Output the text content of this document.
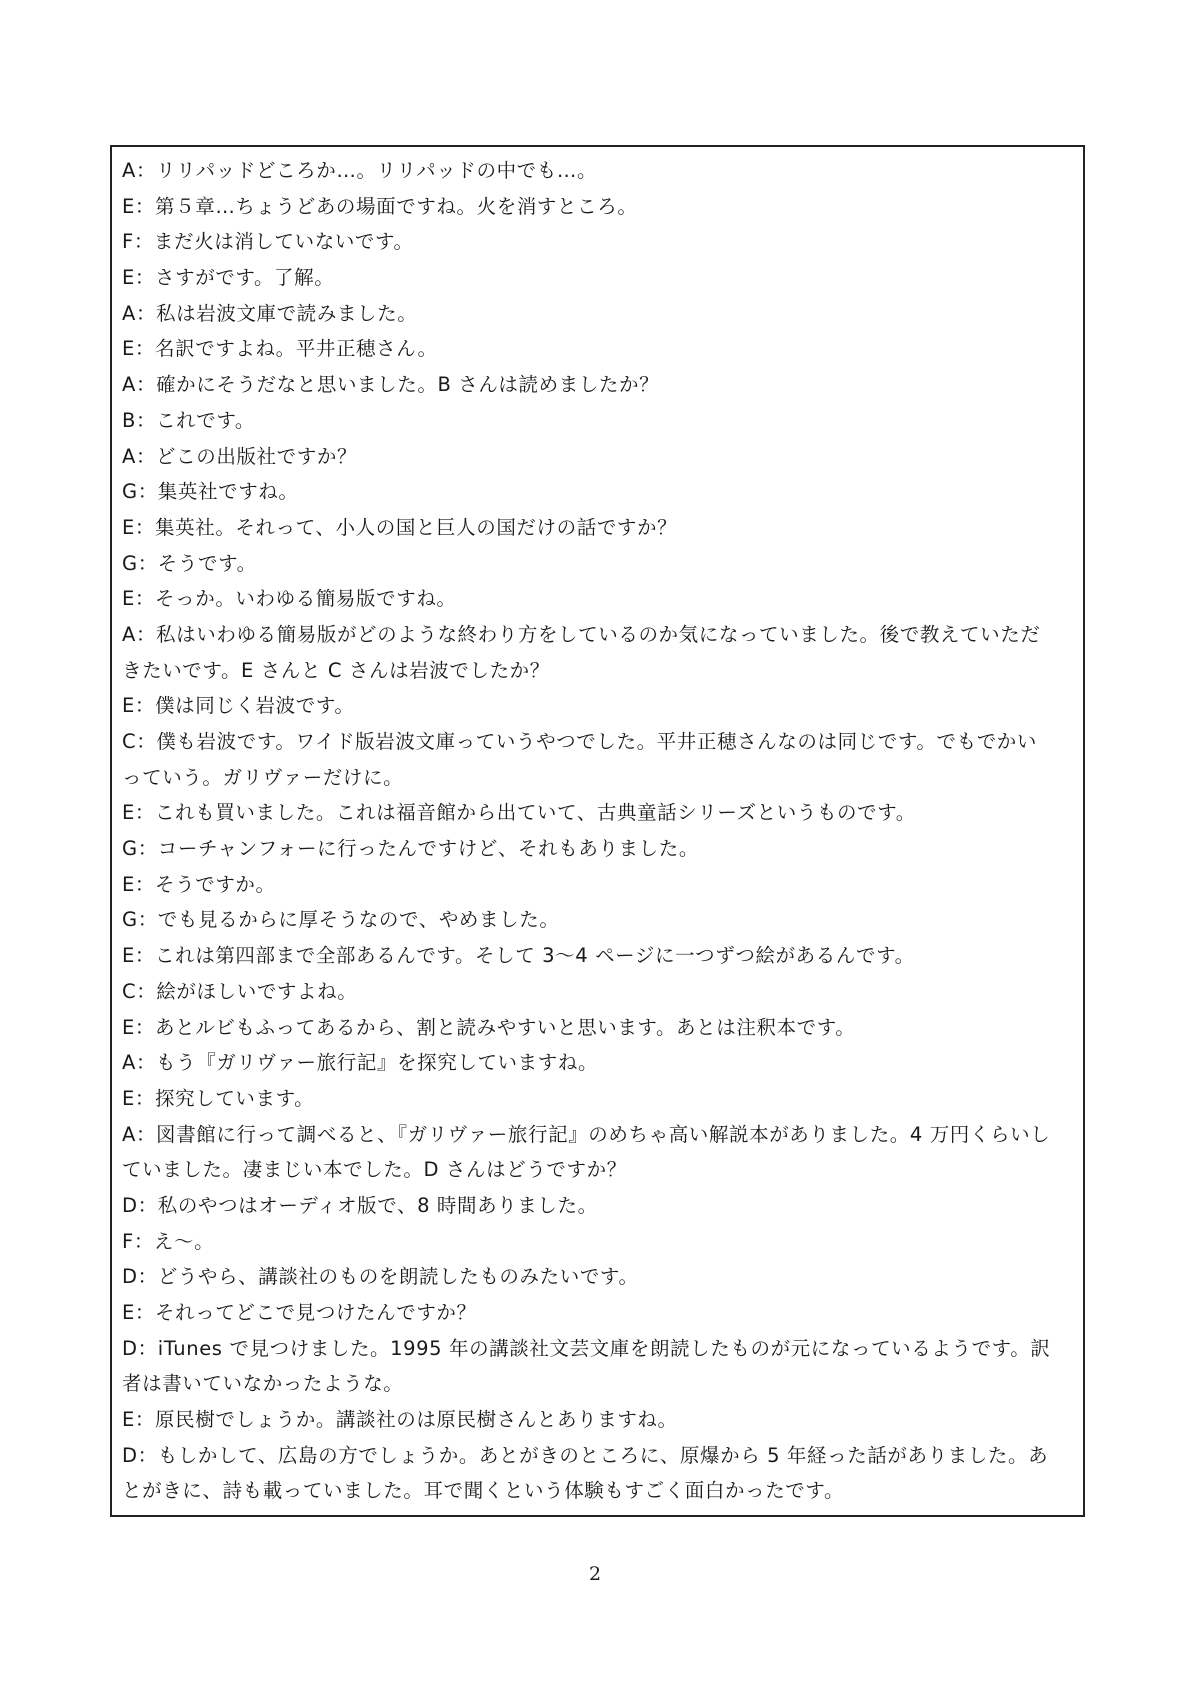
A：リリパッドどころか…。リリパッドの中でも…。
E：第５章…ちょうどあの場面ですね。火を消すところ。
F：まだ火は消していないです。
E：さすがです。了解。
A：私は岩波文庫で読みました。
E：名訳ですよね。平井正穂さん。
A：確かにそうだなと思いました。B さんは読めましたか？
B：これです。
A：どこの出版社ですか？
G：集英社ですね。
E：集英社。それって、小人の国と巨人の国だけの話ですか？
G：そうです。
E：そっか。いわゆる簡易版ですね。
A：私はいわゆる簡易版がどのような終わり方をしているのか気になっていました。後で教えていただ
きたいです。E さんと C さんは岩波でしたか？
E：僕は同じく岩波です。
C：僕も岩波です。ワイド版岩波文庫っていうやつでした。平井正穂さんなのは同じです。でもでかい
っていう。ガリヴァーだけに。
E：これも買いました。これは福音館から出ていて、古典童話シリーズというものです。
G：コーチャンフォーに行ったんですけど、それもありました。
E：そうですか。
G：でも見るからに厚そうなので、やめました。
E：これは第四部まで全部あるんです。そして 3〜4 ページに一つずつ絵があるんです。
C：絵がほしいですよね。
E：あとルビもふってあるから、割と読みやすいと思います。あとは注釈本です。
A：もう『ガリヴァー旅行記』を探究していますね。
E：探究しています。
A：図書館に行って調べると、『ガリヴァー旅行記』のめちゃ高い解説本がありました。4 万円くらいし
ていました。凄まじい本でした。D さんはどうですか？
D：私のやつはオーディオ版で、8 時間ありました。
F：え〜。
D：どうやら、講談社のものを朗読したものみたいです。
E：それってどこで見つけたんですか？
D：iTunes で見つけました。1995 年の講談社文芸文庫を朗読したものが元になっているようです。訳
者は書いていなかったような。
E：原民樹でしょうか。講談社のは原民樹さんとありますね。
D：もしかして、広島の方でしょうか。あとがきのところに、原爆から 5 年経った話がありました。あ
とがきに、詩も載っていました。耳で聞くという体験もすごく面白かったです。
2
